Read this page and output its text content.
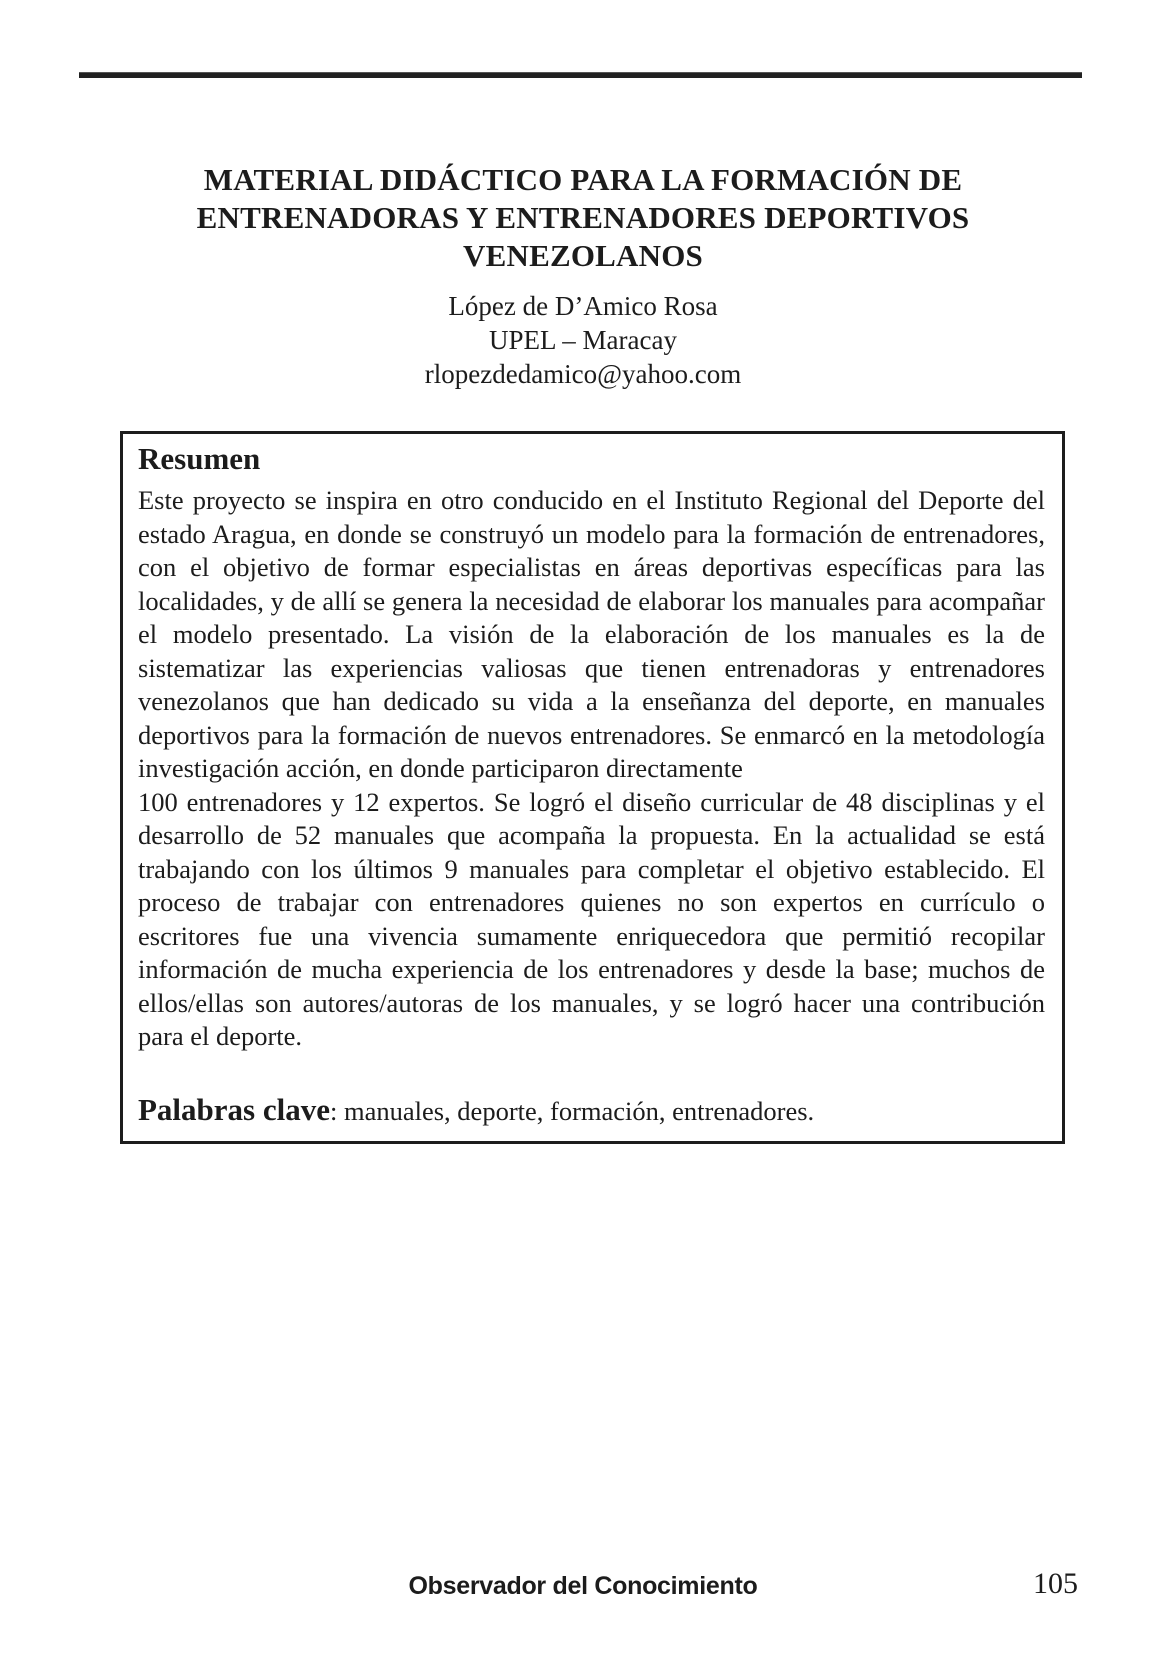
MATERIAL DIDÁCTICO PARA LA FORMACIÓN DE
ENTRENADORAS Y ENTRENADORES DEPORTIVOS
VENEZOLANOS
López de D’Amico Rosa
UPEL – Maracay
rlopezdedamico@yahoo.com
Resumen

Este proyecto se inspira en otro conducido en el Instituto Regional del Deporte del estado Aragua, en donde se construyó un modelo para la formación de entrenadores, con el objetivo de formar especialistas en áreas deportivas específicas para las localidades, y de allí se genera la necesidad de elaborar los manuales para acompañar el modelo presentado. La visión de la elaboración de los manuales es la de sistematizar las experiencias valiosas que tienen entrenadoras y entrenadores venezolanos que han dedicado su vida a la enseñanza del deporte, en manuales deportivos para la formación de nuevos entrenadores. Se enmarcó en la metodología investigación acción, en donde participaron directamente

100 entrenadores y 12 expertos. Se logró el diseño curricular de 48 disciplinas y el desarrollo de 52 manuales que acompaña la propuesta. En la actualidad se está trabajando con los últimos 9 manuales para completar el objetivo establecido. El proceso de trabajar con entrenadores quienes no son expertos en currículo o escritores fue una vivencia sumamente enriquecedora que permitió recopilar información de mucha experiencia de los entrenadores y desde la base; muchos de ellos/ellas son autores/autoras de los manuales, y se logró hacer una contribución para el deporte.

Palabras clave: manuales, deporte, formación, entrenadores.
Observador del Conocimiento	105
